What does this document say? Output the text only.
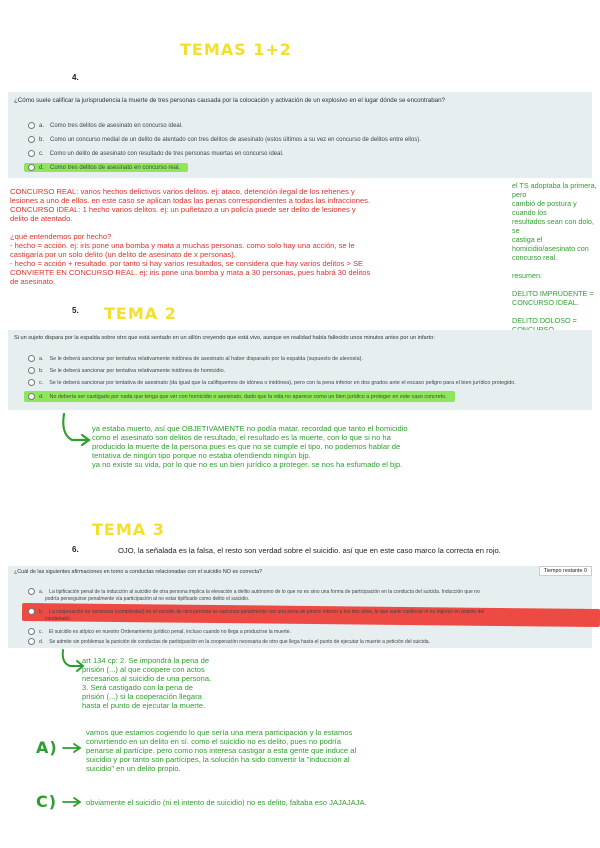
TEMAS 1+2
4.
¿Cómo suele calificar la jurisprudencia la muerte de tres personas causada por la colocación y activación de un explosivo en el lugar dónde se encontraban?
a. Como tres delitos de asesinato en concurso ideal.
b. Como un concurso medial de un delito de atentado con tres delitos de asesinato (estos últimos a su vez en concurso de delitos entre ellos).
c. Como un delito de asesinato con resultado de tres personas muertas en concurso ideal.
d. Como tres delitos de asesinato en concurso real.
CONCURSO REAL: varios hechos delictivos varios delitos. ej: ataco, detención ilegal de los rehenes y
lesiones a uno de ellos. en este caso se aplican todas las penas correspondientes a todas las infracciones.
CONCURSO IDEAL: 1 hecho varios delitos. ej: un puñetazo a un policía puede ser delito de lesiones y
delito de atentado.
¿qué entendemos por hecho?
- hecho = acción. ej: iris pone una bomba y mata a muchas personas. como solo hay una acción, se le
castigaría por un solo delito (un delito de asesinato de x personas).
- hecho = acción + resultado. por tanto si hay varios resultados, se considera que hay varios delitos > SE
CONVIERTE EN CONCURSO REAL. ej: iris pone una bomba y mata a 30 personas, pues habrá 30 delitos
de asesinato.
el TS adoptaba la primera, pero
cambió de postura y cuando los
resultados sean con dolo, se
castiga el homicidio/asesinato con
concurso real.
resumen:
DELITO IMPRUDENTE =
CONCURSO IDEAL.
DELITO DOLOSO =
5. TEMA 2
Si un sujeto dispara por la espalda sobre otro que está sentado en un sillón creyendo que está vivo, aunque en realidad había fallecido unos minutos antes por un infarto:
a. Se le deberá sancionar por tentativa relativamente inidónea de asesinato al haber disparado por la espalda (supuesto de alevosía).
b. Se le deberá sancionar por tentativa relativamente inidónea de homicidio.
c. Se le deberá sancionar por tentativa de asesinato (da igual que la califiquemos de idónea o inidónea), pero con la pena inferior en dos grados ante el escaso peligro para el bien jurídico protegido.
d. No debería ser castigado por nada que tenga que ver con homicidio o asesinato, dado que la vida no aparece como un bien jurídico a proteger en este caso concreto.
ya estaba muerto, así que OBJETIVAMENTE no podía matar. recordad que tanto el homicidio
como el asesinato son delitos de resultado, el resultado es la muerte, con lo que si no ha
producido la muerte de la persona pues es que no se cumple el tipo. no podemos hablar de
tentativa de ningún tipo porque no estaba ofendiendo ningún bjp.
ya no existe su vida, por lo que no es un bien jurídico a proteger. se nos ha esfumado el bjp.
TEMA 3
6.	OJO, la señalada es la falsa, el resto son verdad sobre el suicidio. así que en este caso marco la correcta en rojo.
¿Cuál de las siguientes afirmaciones en torno a conductas relacionadas con el suicidio NO es correcta?	Tiempo restante 0
a. La tipificación penal de la inducción al suicidio de otra persona implica la elevación a delito autónomo de lo que no es sino una forma de participación en la conducta del suicida. Inducción que no
podría perseguirse penalmente vía participación al no estar tipificado como delito el suicidio.
b. La cooperación no necesaria (complicidad) en el suicidio de otra persona se sanciona penalmente con una pena de prisión inferior a los dos años, lo que suele conllevar el no ingreso en prisión del
condenado.
c. El suicidio es atípico en nuestro Ordenamiento jurídico penal, incluso cuando no llega a producirse la muerte.
d. Se admite sin problemas la punición de conductas de participación en la cooperación necesaria de otro que llega hasta el punto de ejecutar la muerte a petición del suicida.
art 134 cp: 2. Se impondrá la pena de
prisión (...) al que coopere con actos
necesarios al suicidio de una persona.
3. Será castigado con la pena de
prisión (...) si la cooperación llegara
hasta el punto de ejecutar la muerte.
A)
vamos que estamos cogiendo lo que sería una mera participación y lo estamos
convirtiendo en un delito en sí. como el suicidio no es delito, pues no podría
penarse al partícipe. pero como nos interesa castigar a esta gente que induce al
suicidio y por tanto son partícipes, la solución ha sido convertir la "inducción al
suicidio" en un delito propio.
C)	obviamente el suicidio (ni el intento de suicidio) no es delito, faltaba eso JAJAJAJA.
